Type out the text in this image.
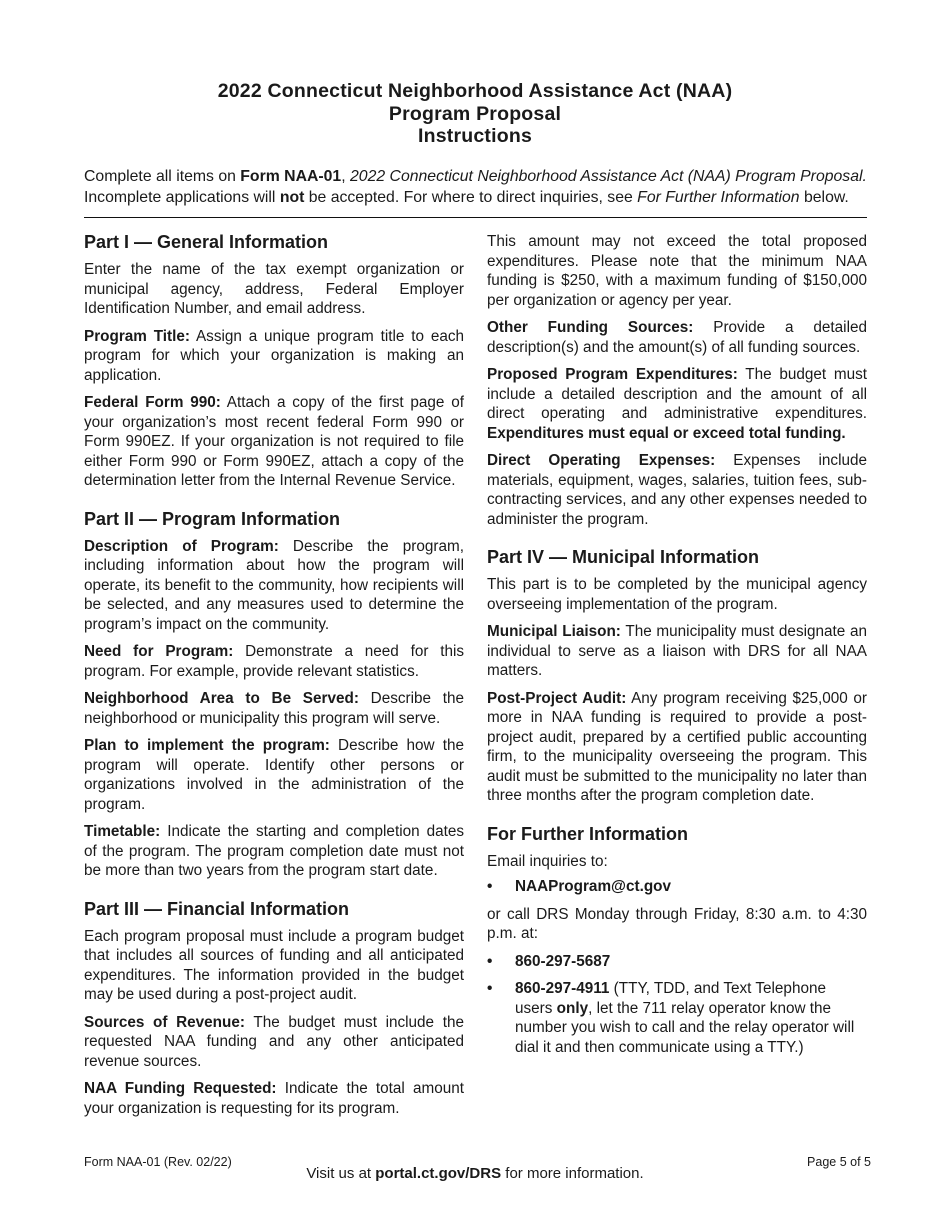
2022 Connecticut Neighborhood Assistance Act (NAA)
Program Proposal
Instructions
Complete all items on Form NAA-01, 2022 Connecticut Neighborhood Assistance Act (NAA) Program Proposal. Incomplete applications will not be accepted. For where to direct inquiries, see For Further Information below.
Part I — General Information

Enter the name of the tax exempt organization or municipal agency, address, Federal Employer Identification Number, and email address.

Program Title: Assign a unique program title to each program for which your organization is making an application.

Federal Form 990: Attach a copy of the first page of your organization’s most recent federal Form 990 or Form 990EZ. If your organization is not required to file either Form 990 or Form 990EZ, attach a copy of the determination letter from the Internal Revenue Service.

Part II — Program Information

Description of Program: Describe the program, including information about how the program will operate, its benefit to the community, how recipients will be selected, and any measures used to determine the program’s impact on the community.

Need for Program: Demonstrate a need for this program. For example, provide relevant statistics.

Neighborhood Area to Be Served: Describe the neighborhood or municipality this program will serve.

Plan to implement the program: Describe how the program will operate. Identify other persons or organizations involved in the administration of the program.

Timetable: Indicate the starting and completion dates of the program. The program completion date must not be more than two years from the program start date.

Part III — Financial Information

Each program proposal must include a program budget that includes all sources of funding and all anticipated expenditures. The information provided in the budget may be used during a post-project audit.

Sources of Revenue: The budget must include the requested NAA funding and any other anticipated revenue sources.

NAA Funding Requested: Indicate the total amount your organization is requesting for its program.

This amount may not exceed the total proposed expenditures. Please note that the minimum NAA funding is $250, with a maximum funding of $150,000 per organization or agency per year.

Other Funding Sources: Provide a detailed description(s) and the amount(s) of all funding sources.

Proposed Program Expenditures: The budget must include a detailed description and the amount of all direct operating and administrative expenditures. Expenditures must equal or exceed total funding.

Direct Operating Expenses: Expenses include materials, equipment, wages, salaries, tuition fees, sub-contracting services, and any other expenses needed to administer the program.

Part IV — Municipal Information

This part is to be completed by the municipal agency overseeing implementation of the program.

Municipal Liaison: The municipality must designate an individual to serve as a liaison with DRS for all NAA matters.

Post-Project Audit: Any program receiving $25,000 or more in NAA funding is required to provide a post-project audit, prepared by a certified public accounting firm, to the municipality overseeing the program. This audit must be submitted to the municipality no later than three months after the program completion date.

For Further Information

Email inquiries to:

• NAAProgram@ct.gov

or call DRS Monday through Friday, 8:30 a.m. to 4:30 p.m. at:

• 860-297-5687
• 860-297-4911 (TTY, TDD, and Text Telephone users only, let the 711 relay operator know the number you wish to call and the relay operator will dial it and then communicate using a TTY.)
Form NAA-01 (Rev. 02/22)	Page 5 of 5
Visit us at portal.ct.gov/DRS for more information.
